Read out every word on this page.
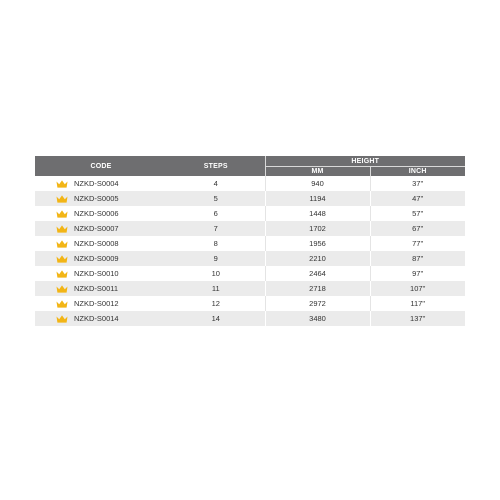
CODE	STEPS	HEIGHT	
		MM	INCH

NZKD-S0004	4	940	37''

NZKD-S0005	5	1194	47''

NZKD-S0006	6	1448	57''

NZKD-S0007	7	1702	67''

NZKD-S0008	8	1956	77''

NZKD-S0009	9	2210	87''

NZKD-S0010	10	2464	97''

NZKD-S0011	11	2718	107''

NZKD-S0012	12	2972	117''

NZKD-S0014	14	3480	137''
